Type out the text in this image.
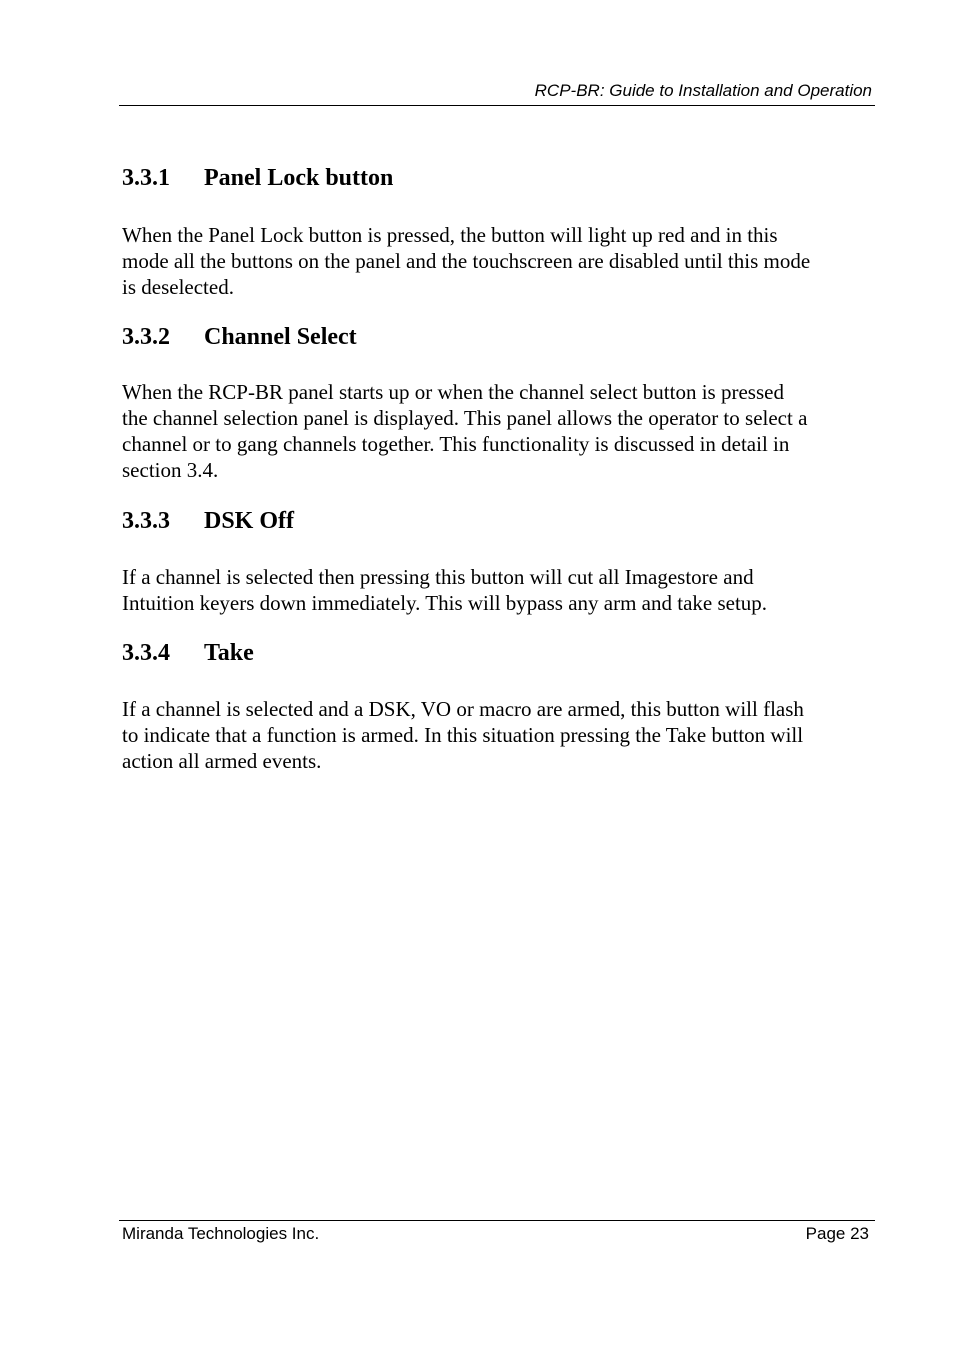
RCP-BR: Guide to Installation and Operation
3.3.1	Panel Lock button

When the Panel Lock button is pressed, the button will light up red and in this
mode all the buttons on the panel and the touchscreen are disabled until this mode
is deselected.

3.3.2	Channel Select

When the RCP-BR panel starts up or when the channel select button is pressed
the channel selection panel is displayed. This panel allows the operator to select a
channel or to gang channels together. This functionality is discussed in detail in
section 3.4.

3.3.3	DSK Off

If a channel is selected then pressing this button will cut all Imagestore and
Intuition keyers down immediately. This will bypass any arm and take setup.

3.3.4	Take

If a channel is selected and a DSK, VO or macro are armed, this button will flash
to indicate that a function is armed. In this situation pressing the Take button will
action all armed events.

Miranda Technologies Inc.	Page 23
